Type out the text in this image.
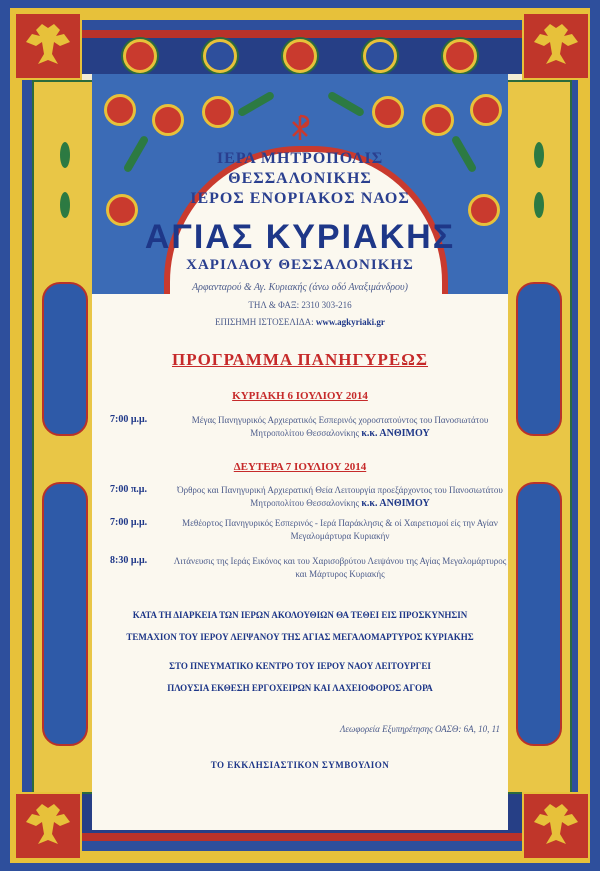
ΙΕΡΑ ΜΗΤΡΟΠΟΛΙΣ
ΘΕΣΣΑΛΟΝΙΚΗΣ
ΙΕΡΟΣ ΕΝΟΡΙΑΚΟΣ ΝΑΟΣ
ΑΓΙΑΣ ΚΥΡΙΑΚΗΣ
ΧΑΡΙΛΑΟΥ ΘΕΣΣΑΛΟΝΙΚΗΣ
Αρφανταρού & Αγ. Κυριακής (άνω οδό Αναξιμάνδρου)
ΤΗΛ & ΦΑΞ: 2310 303-216
ΕΠΙΣΗΜΗ ΙΣΤΟΣΕΛΙΔΑ: www.agkyriaki.gr
ΠΡΟΓΡΑΜΜΑ ΠΑΝΗΓΥΡΕΩΣ
ΚΥΡΙΑΚΗ 6 ΙΟΥΛΙΟΥ 2014
7:00 μ.μ.	Μέγας Πανηγυρικός Αρχιερατικός Εσπερινός χοροστατούντος του Πανοσιωτάτου Μητροπολίτου Θεσσαλονίκης κ.κ. ΑΝΘΙΜΟΥ
ΔΕΥΤΕΡΑ 7 ΙΟΥΛΙΟΥ 2014
7:00 π.μ.	Όρθρος και Πανηγυρική Αρχιερατική Θεία Λειτουργία προεξάρχοντος του Πανοσιωτάτου Μητροπολίτου Θεσσαλονίκης κ.κ. ΑΝΘΙΜΟΥ
7:00 μ.μ.	Μεθέορτος Πανηγυρικός Εσπερινός - Ιερά Παράκλησις & οί Χαιρετισμοί είς την Αγίαν Μεγαλομάρτυρα Κυριακήν
8:30 μ.μ.	Λιτάνευσις της Ιεράς Εικόνος και του Χαρισοβρύτου Λειψάνου της Αγίας Μεγαλομάρτυρος και Μάρτυρος Κυριακής
ΚΑΤΑ ΤΗ ΔΙΑΡΚΕΙΑ ΤΩΝ ΙΕΡΩΝ ΑΚΟΛΟΥΘΙΩΝ ΘΑ ΤΕΘΕΙ ΕΙΣ ΠΡΟΣΚΥΝΗΣΙΝ
ΤΕΜΑΧΙΟΝ ΤΟΥ ΙΕΡΟΥ ΛΕΙΨΑΝΟΥ ΤΗΣ ΑΓΙΑΣ ΜΕΓΑΛΟΜΑΡΤΥΡΟΣ ΚΥΡΙΑΚΗΣ
ΣΤΟ ΠΝΕΥΜΑΤΙΚΟ ΚΕΝΤΡΟ ΤΟΥ ΙΕΡΟΥ ΝΑΟΥ ΛΕΙΤΟΥΡΓΕΙ
ΠΛΟΥΣΙΑ ΕΚΘΕΣΗ ΕΡΓΟΧΕΙΡΩΝ ΚΑΙ ΛΑΧΕΙΟΦΟΡΟΣ ΑΓΟΡΑ
Λεωφορεία Εξυπηρέτησης ΟΑΣΘ: 6Α, 10, 11
ΤΟ ΕΚΚΛΗΣΙΑΣΤΙΚΟΝ ΣΥΜΒΟΥΛΙΟΝ
